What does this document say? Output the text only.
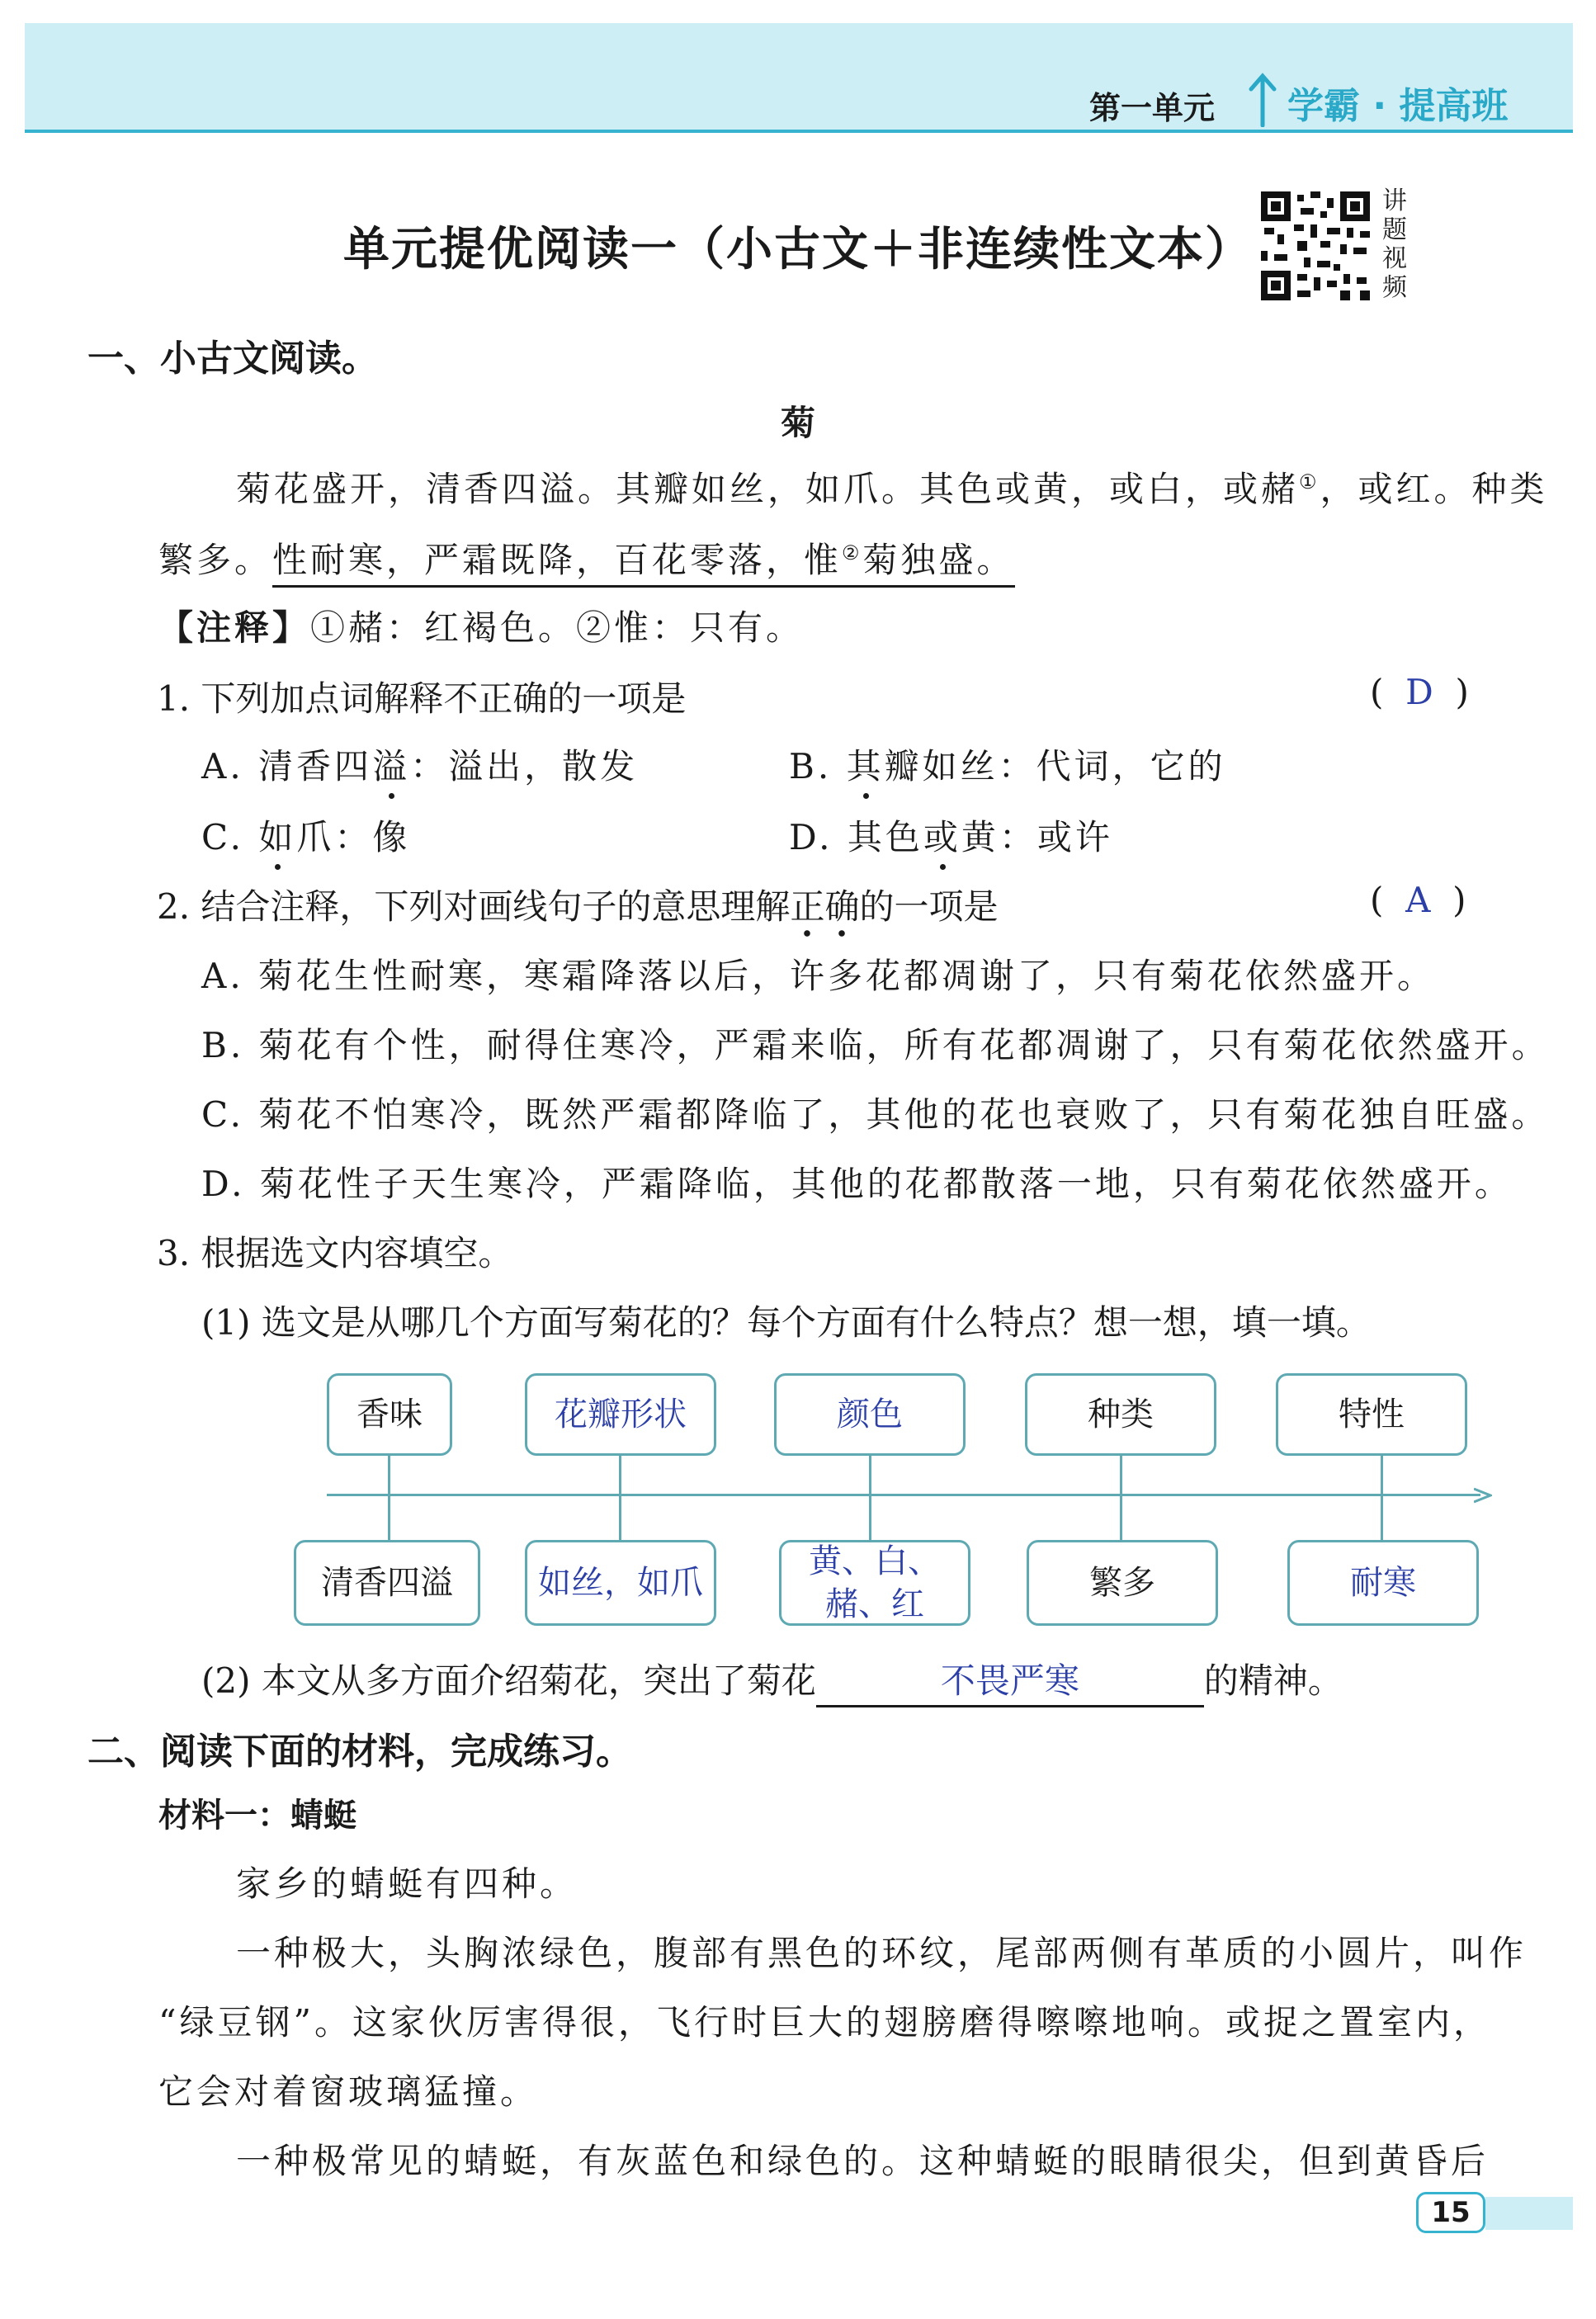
第一单元 学霸 · 提高班
单元提优阅读一（小古文＋非连续性文本）
讲
题
视
频
一、小古文阅读。
菊
菊花盛开，清香四溢。其瓣如丝，如爪。其色或黄，或白，或赭①，或红。种类
繁多。性耐寒，严霜既降，百花零落，惟②菊独盛。
【注释】①赭：红褐色。②惟：只有。
1. 下列加点词解释不正确的一项是	(  D  )
A. 清香四溢：溢出，散发	B. 其瓣如丝：代词，它的
C. 如爪：像	D. 其色或黄：或许
2. 结合注释，下列对画线句子的意思理解正确的一项是	(  A  )
A. 菊花生性耐寒，寒霜降落以后，许多花都凋谢了，只有菊花依然盛开。
B. 菊花有个性，耐得住寒冷，严霜来临，所有花都凋谢了，只有菊花依然盛开。
C. 菊花不怕寒冷，既然严霜都降临了，其他的花也衰败了，只有菊花独自旺盛。
D. 菊花性子天生寒冷，严霜降临，其他的花都散落一地，只有菊花依然盛开。
3. 根据选文内容填空。
(1) 选文是从哪几个方面写菊花的？每个方面有什么特点？想一想，填一填。
香味	花瓣形状	颜色	种类	特性
清香四溢	如丝，如爪
黄、白、赭、红
繁多	耐寒
(2) 本文从多方面介绍菊花，突出了菊花	不畏严寒	的精神。
二、阅读下面的材料，完成练习。
材料一：蜻蜓
家乡的蜻蜓有四种。
一种极大，头胸浓绿色，腹部有黑色的环纹，尾部两侧有革质的小圆片，叫作
“绿豆钢”。这家伙厉害得很，飞行时巨大的翅膀磨得嚓嚓地响。或捉之置室内，
它会对着窗玻璃猛撞。
一种极常见的蜻蜓，有灰蓝色和绿色的。这种蜻蜓的眼睛很尖，但到黄昏后
15
